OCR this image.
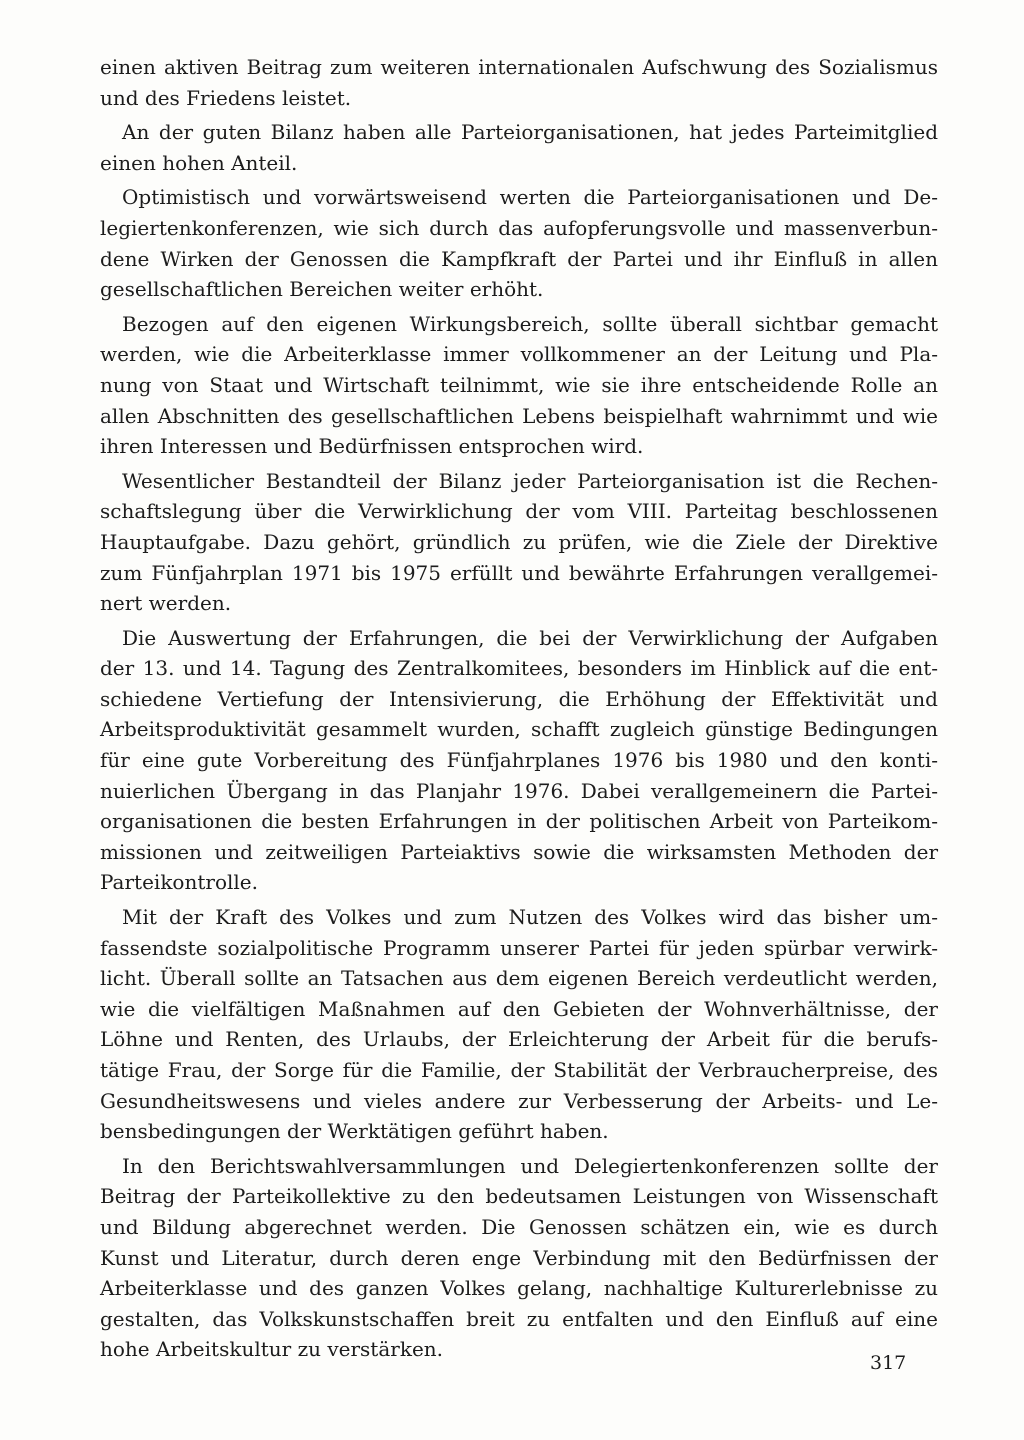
einen aktiven Beitrag zum weiteren internationalen Aufschwung des Sozialismus
und des Friedens leistet.
An der guten Bilanz haben alle Parteiorganisationen, hat jedes Parteimitglied
einen hohen Anteil.
Optimistisch und vorwärtsweisend werten die Parteiorganisationen und De-
legiertenkonferenzen, wie sich durch das aufopferungsvolle und massenverbun-
dene Wirken der Genossen die Kampfkraft der Partei und ihr Einfluß in allen
gesellschaftlichen Bereichen weiter erhöht.
Bezogen auf den eigenen Wirkungsbereich, sollte überall sichtbar gemacht
werden, wie die Arbeiterklasse immer vollkommener an der Leitung und Pla-
nung von Staat und Wirtschaft teilnimmt, wie sie ihre entscheidende Rolle an
allen Abschnitten des gesellschaftlichen Lebens beispielhaft wahrnimmt und wie
ihren Interessen und Bedürfnissen entsprochen wird.
Wesentlicher Bestandteil der Bilanz jeder Parteiorganisation ist die Rechen-
schaftslegung über die Verwirklichung der vom VIII. Parteitag beschlossenen
Hauptaufgabe. Dazu gehört, gründlich zu prüfen, wie die Ziele der Direktive
zum Fünfjahrplan 1971 bis 1975 erfüllt und bewährte Erfahrungen verallgemei-
nert werden.
Die Auswertung der Erfahrungen, die bei der Verwirklichung der Aufgaben
der 13. und 14. Tagung des Zentralkomitees, besonders im Hinblick auf die ent-
schiedene Vertiefung der Intensivierung, die Erhöhung der Effektivität und
Arbeitsproduktivität gesammelt wurden, schafft zugleich günstige Bedingungen
für eine gute Vorbereitung des Fünfjahrplanes 1976 bis 1980 und den konti-
nuierlichen Übergang in das Planjahr 1976. Dabei verallgemeinern die Partei-
organisationen die besten Erfahrungen in der politischen Arbeit von Parteikom-
missionen und zeitweiligen Parteiaktivs sowie die wirksamsten Methoden der
Parteikontrolle.
Mit der Kraft des Volkes und zum Nutzen des Volkes wird das bisher um-
fassendste sozialpolitische Programm unserer Partei für jeden spürbar verwirk-
licht. Überall sollte an Tatsachen aus dem eigenen Bereich verdeutlicht werden,
wie die vielfältigen Maßnahmen auf den Gebieten der Wohnverhältnisse, der
Löhne und Renten, des Urlaubs, der Erleichterung der Arbeit für die berufs-
tätige Frau, der Sorge für die Familie, der Stabilität der Verbraucherpreise, des
Gesundheitswesens und vieles andere zur Verbesserung der Arbeits- und Le-
bensbedingungen der Werktätigen geführt haben.
In den Berichtswahlversammlungen und Delegiertenkonferenzen sollte der
Beitrag der Parteikollektive zu den bedeutsamen Leistungen von Wissenschaft
und Bildung abgerechnet werden. Die Genossen schätzen ein, wie es durch
Kunst und Literatur, durch deren enge Verbindung mit den Bedürfnissen der
Arbeiterklasse und des ganzen Volkes gelang, nachhaltige Kulturerlebnisse zu
gestalten, das Volkskunstschaffen breit zu entfalten und den Einfluß auf eine
hohe Arbeitskultur zu verstärken.
317
